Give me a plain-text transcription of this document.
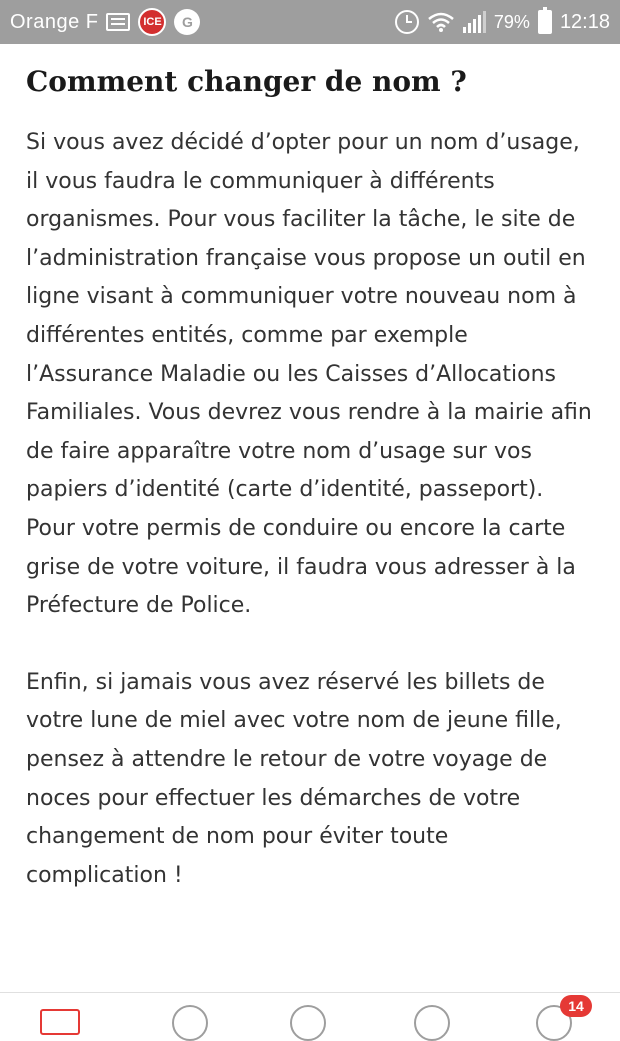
Orange F	ICE	G	79% 12:18
Comment changer de nom ?

Si vous avez décidé d’opter pour un nom d’usage, il vous faudra le communiquer à différents organismes. Pour vous faciliter la tâche, le site de l’administration française vous propose un outil en ligne visant à communiquer votre nouveau nom à différentes entités, comme par exemple l’Assurance Maladie ou les Caisses d’Allocations Familiales. Vous devrez vous rendre à la mairie afin de faire apparaître votre nom d’usage sur vos papiers d’identité (carte d’identité, passeport). Pour votre permis de conduire ou encore la carte grise de votre voiture, il faudra vous adresser à la Préfecture de Police.

Enfin, si jamais vous avez réservé les billets de votre lune de miel avec votre nom de jeune fille, pensez à attendre le retour de votre voyage de noces pour effectuer les démarches de votre changement de nom pour éviter toute complication !

14
